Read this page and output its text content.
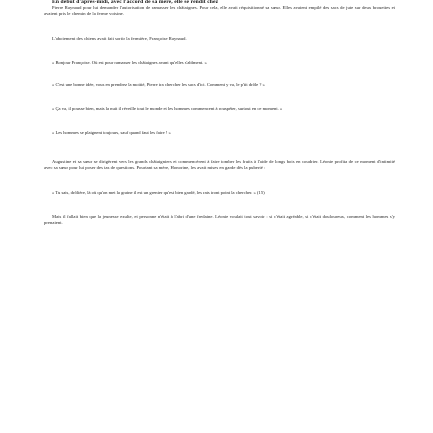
En début d'après-midi, avec l'accord de sa mère, elle se rendit chez

Pierre Raynaud pour lui demander l'autorisation de ramasser les châtaignes. Pour cela, elle avait réquisitionné sa sœur. Elles avaient empilé des sacs de jute sur deux brouettes et avaient pris le chemin de la ferme voisine.

L'aboiement des chiens avait fait sortir la fermière, Françoise Raynaud.

« Bonjour Françoise. Où est pour ramasser les châtaignes avant qu'elles s'abîment. »

« C'est une bonne idée, vous en prendrez la moitié, Pierre ira chercher les sacs d'ici. Comment y va, le p'tit drôle ? »

« Ça va, il pousse bien, mais la nuit il réveille tout le monde et les hommes commencent à rouspéter, surtout en ce moment. »

« Les hommes se plaignent toujours, sauf quand faut les faire ! »

Augustine et sa sœur se dirigèrent vers les grands châtaigniers et commencèrent à faire tomber les fruits à l'aide de longs bois en coudrier. Léonie profita de ce moment d'intimité avec sa sœur pour lui poser des tas de questions. Pourtant sa mère, Honorine, les avait mises en garde dès la puberté :

« Tu sais, drôlière, là où qu'on met la graine il est un grenier qu'est bien gardé, les rats iront point la chercher. » (15)

Mais il fallait bien que la jeunesse exulte, et personne n'était à l'abri d'une fredaine. Léonie voulait tout savoir : si c'était agréable, si c'était douloureux, comment les hommes s'y prenaient.
